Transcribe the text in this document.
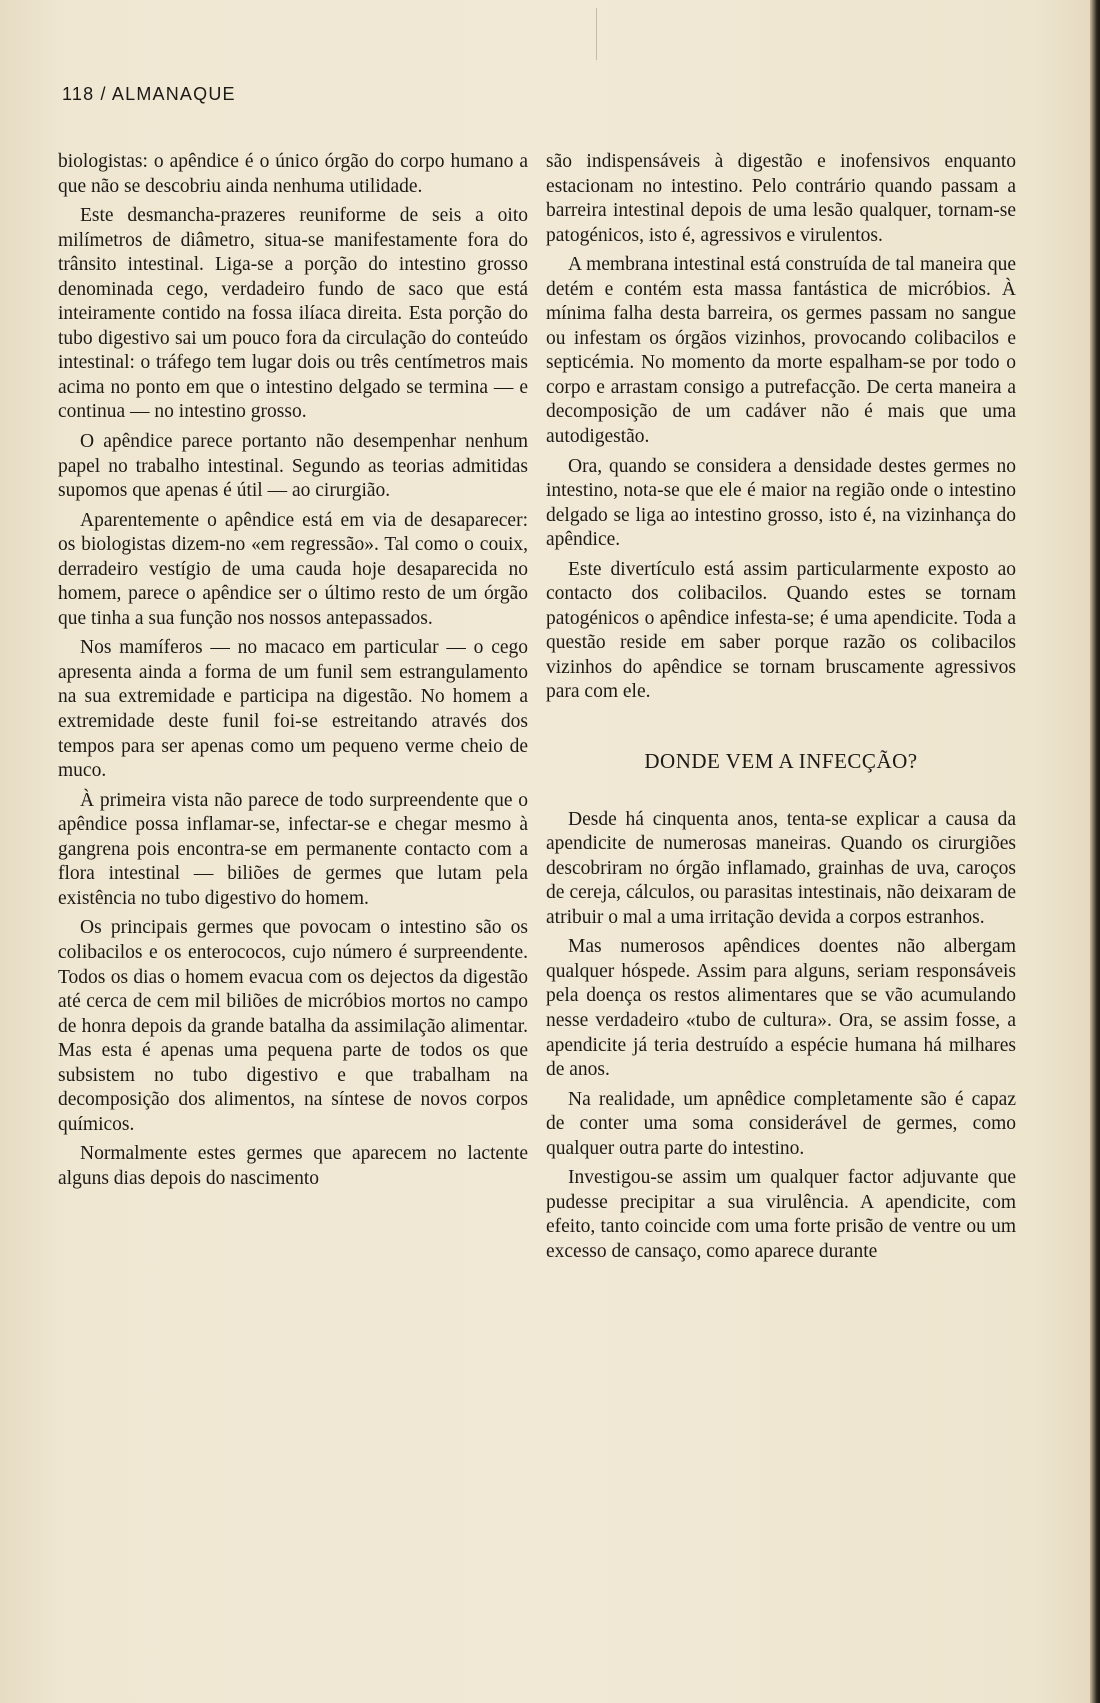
118 / ALMANAQUE

biologistas: o apêndice é o único órgão do corpo humano a que não se descobriu ainda nenhuma utilidade.

Este desmancha-prazeres reuniforme de seis a oito milímetros de diâmetro, situa-se manifestamente fora do trânsito intestinal. Liga-se a porção do intestino grosso denominada cego, verdadeiro fundo de saco que está inteiramente contido na fossa ilíaca direita. Esta porção do tubo digestivo sai um pouco fora da circulação do conteúdo intestinal: o tráfego tem lugar dois ou três centímetros mais acima no ponto em que o intestino delgado se termina — e continua — no intestino grosso.

O apêndice parece portanto não desempenhar nenhum papel no trabalho intestinal. Segundo as teorias admitidas supomos que apenas é útil — ao cirurgião.

Aparentemente o apêndice está em via de desaparecer: os biologistas dizem-no «em regressão». Tal como o couix, derradeiro vestígio de uma cauda hoje desaparecida no homem, parece o apêndice ser o último resto de um órgão que tinha a sua função nos nossos antepassados.

Nos mamíferos — no macaco em particular — o cego apresenta ainda a forma de um funil sem estrangulamento na sua extremidade e participa na digestão. No homem a extremidade deste funil foi-se estreitando através dos tempos para ser apenas como um pequeno verme cheio de muco.

À primeira vista não parece de todo surpreendente que o apêndice possa inflamar-se, infectar-se e chegar mesmo à gangrena pois encontra-se em permanente contacto com a flora intestinal — biliões de germes que lutam pela existência no tubo digestivo do homem.

Os principais germes que povocam o intestino são os colibacilos e os enterococos, cujo número é surpreendente. Todos os dias o homem evacua com os dejectos da digestão até cerca de cem mil biliões de micróbios mortos no campo de honra depois da grande batalha da assimilação alimentar. Mas esta é apenas uma pequena parte de todos os que subsistem no tubo digestivo e que trabalham na decomposição dos alimentos, na síntese de novos corpos químicos.

Normalmente estes germes que aparecem no lactente alguns dias depois do nascimento

são indispensáveis à digestão e inofensivos enquanto estacionam no intestino. Pelo contrário quando passam a barreira intestinal depois de uma lesão qualquer, tornam-se patogénicos, isto é, agressivos e virulentos.

A membrana intestinal está construída de tal maneira que detém e contém esta massa fantástica de micróbios. À mínima falha desta barreira, os germes passam no sangue ou infestam os órgãos vizinhos, provocando colibacilos e septicémia. No momento da morte espalham-se por todo o corpo e arrastam consigo a putrefacção. De certa maneira a decomposição de um cadáver não é mais que uma autodigestão.

Ora, quando se considera a densidade destes germes no intestino, nota-se que ele é maior na região onde o intestino delgado se liga ao intestino grosso, isto é, na vizinhança do apêndice.

Este divertículo está assim particularmente exposto ao contacto dos colibacilos. Quando estes se tornam patogénicos o apêndice infesta-se; é uma apendicite. Toda a questão reside em saber porque razão os colibacilos vizinhos do apêndice se tornam bruscamente agressivos para com ele.

DONDE VEM A INFECÇÃO?

Desde há cinquenta anos, tenta-se explicar a causa da apendicite de numerosas maneiras. Quando os cirurgiões descobriram no órgão inflamado, grainhas de uva, caroços de cereja, cálculos, ou parasitas intestinais, não deixaram de atribuir o mal a uma irritação devida a corpos estranhos.

Mas numerosos apêndices doentes não albergam qualquer hóspede. Assim para alguns, seriam responsáveis pela doença os restos alimentares que se vão acumulando nesse verdadeiro «tubo de cultura». Ora, se assim fosse, a apendicite já teria destruído a espécie humana há milhares de anos.

Na realidade, um apnêdice completamente são é capaz de conter uma soma considerável de germes, como qualquer outra parte do intestino.

Investigou-se assim um qualquer factor adjuvante que pudesse precipitar a sua virulência. A apendicite, com efeito, tanto coincide com uma forte prisão de ventre ou um excesso de cansaço, como aparece durante
